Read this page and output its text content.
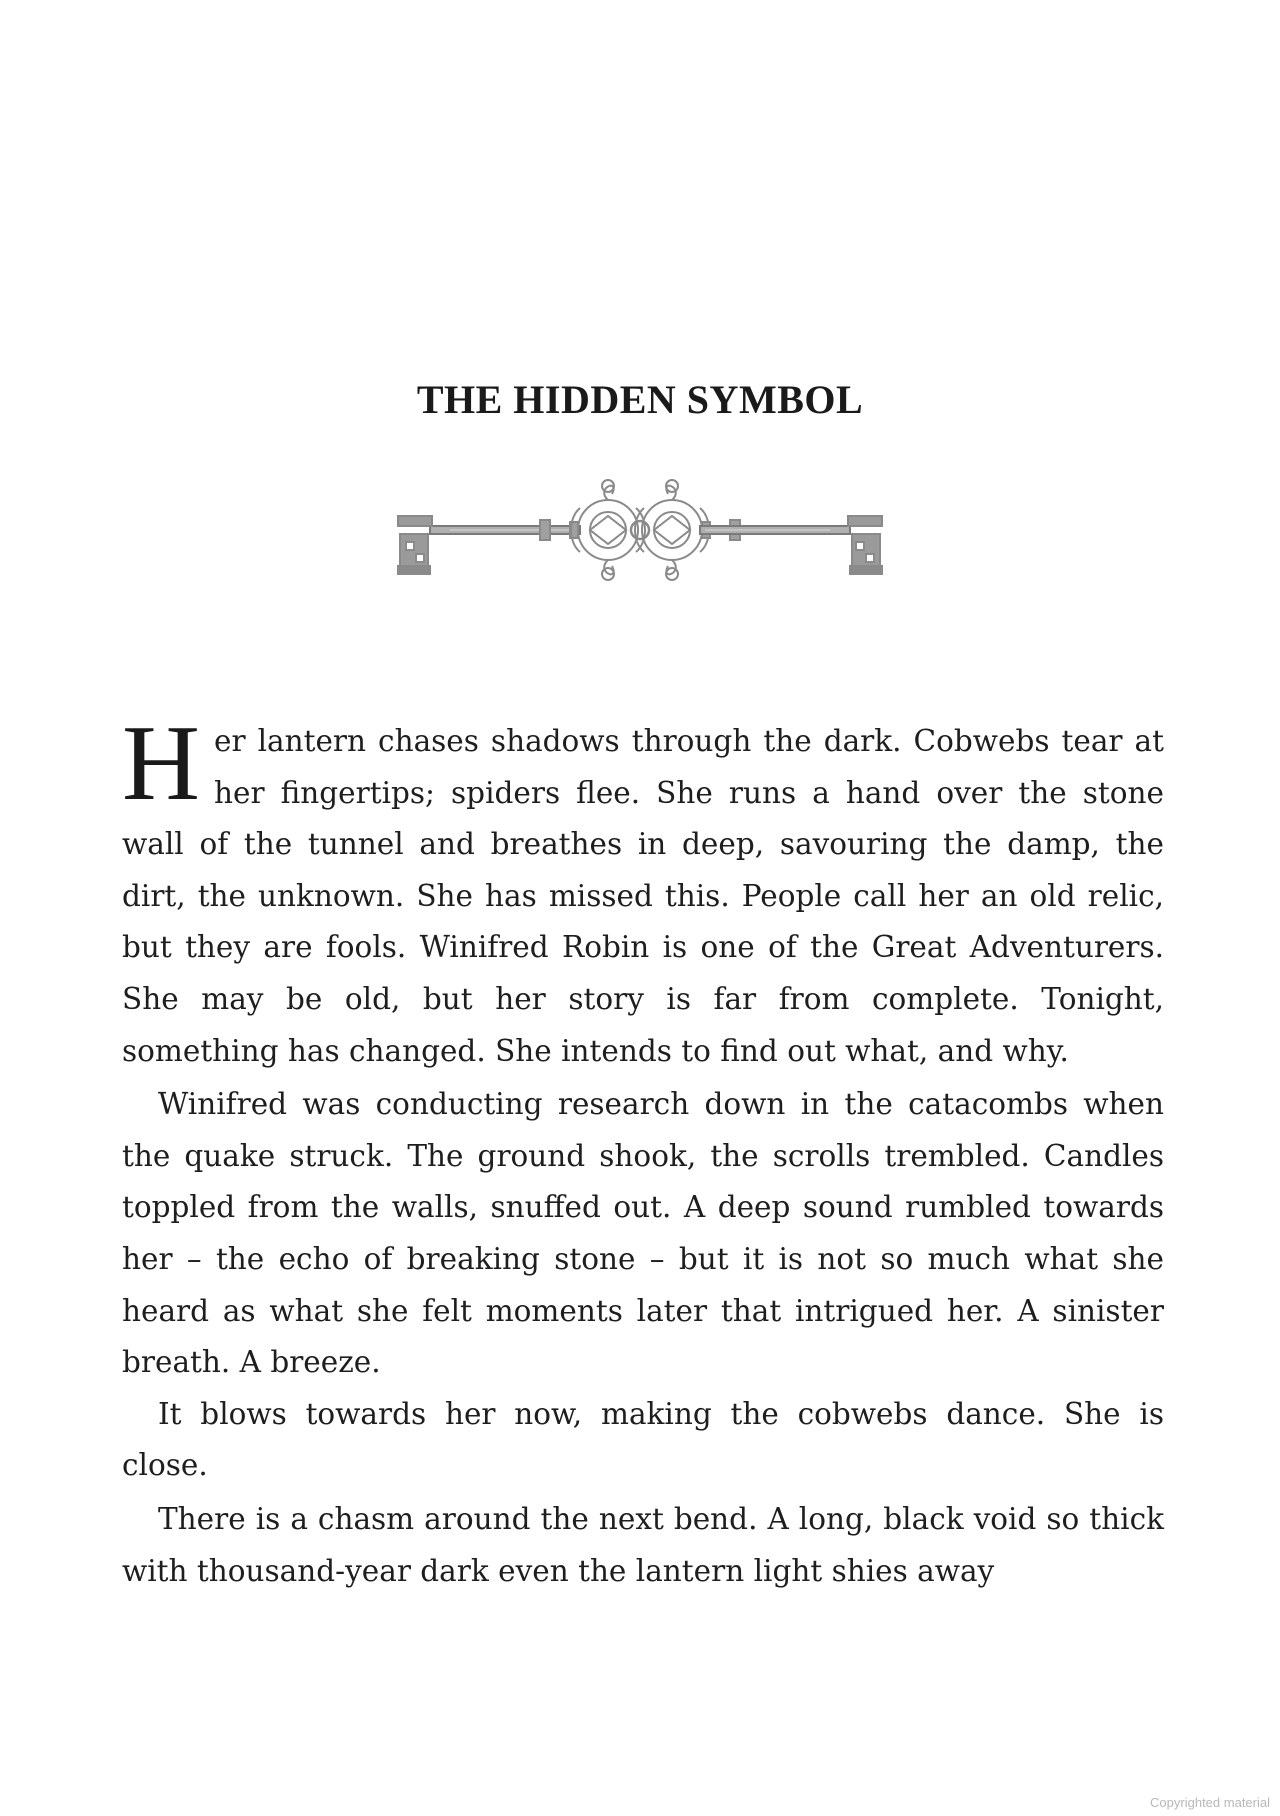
THE HIDDEN SYMBOL

Her lantern chases shadows through the dark. Cobwebs tear at her fingertips; spiders flee. She runs a hand over the stone wall of the tunnel and breathes in deep, savouring the damp, the dirt, the unknown. She has missed this. People call her an old relic, but they are fools. Winifred Robin is one of the Great Adventurers. She may be old, but her story is far from complete. Tonight, something has changed. She intends to find out what, and why.

Winifred was conducting research down in the catacombs when the quake struck. The ground shook, the scrolls trembled. Candles toppled from the walls, snuffed out. A deep sound rumbled towards her – the echo of breaking stone – but it is not so much what she heard as what she felt moments later that intrigued her. A sinister breath. A breeze.

It blows towards her now, making the cobwebs dance. She is close.

There is a chasm around the next bend. A long, black void so thick with thousand-year dark even the lantern light shies away

Copyrighted material
